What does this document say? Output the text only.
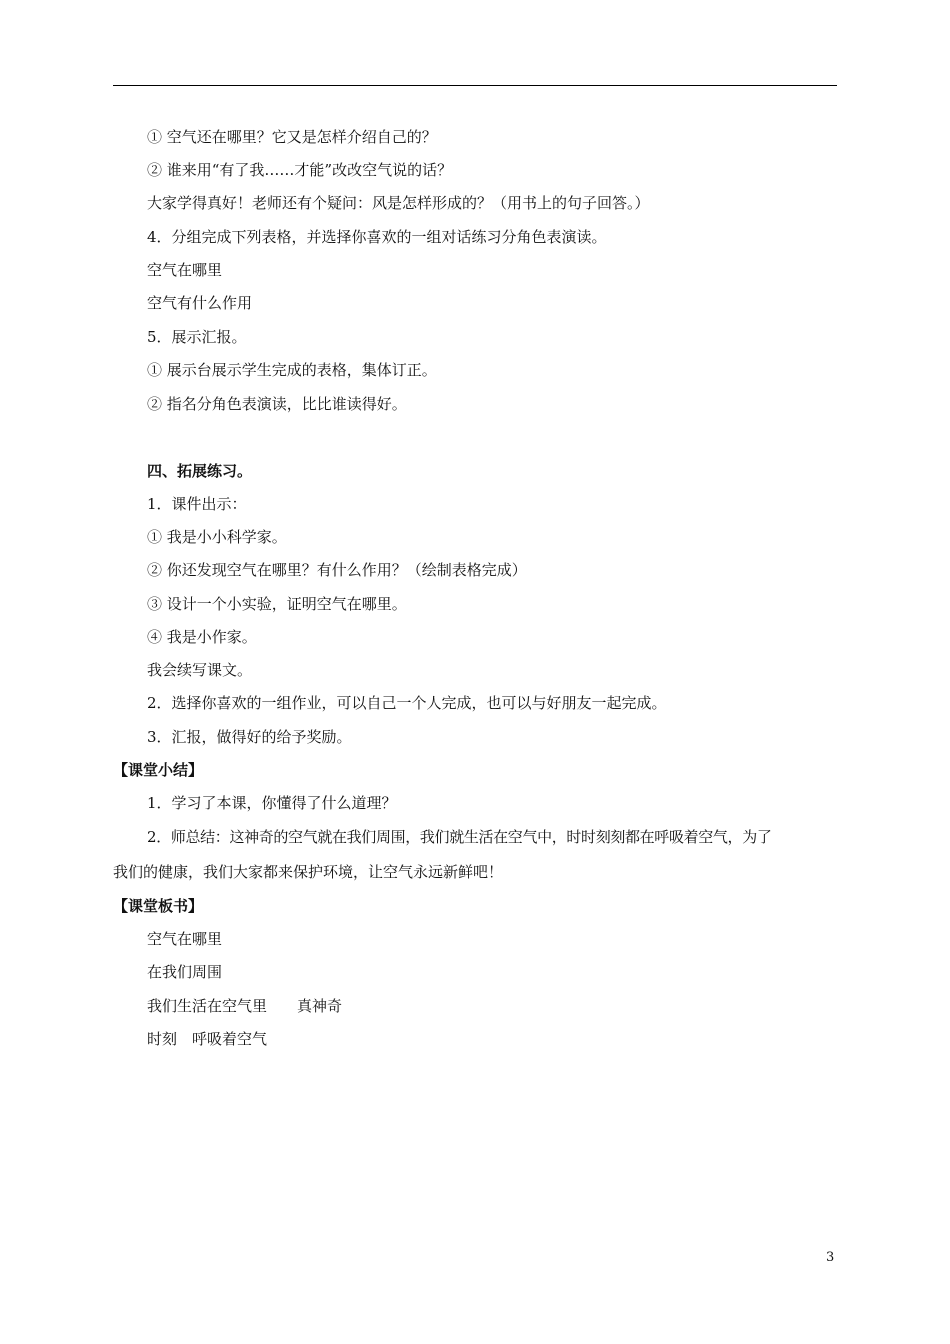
① 空气还在哪里？它又是怎样介绍自己的？
② 谁来用“有了我……才能”改改空气说的话？
大家学得真好！老师还有个疑问：风是怎样形成的？（用书上的句子回答。）
4．分组完成下列表格，并选择你喜欢的一组对话练习分角色表演读。
空气在哪里
空气有什么作用
5．展示汇报。
① 展示台展示学生完成的表格，集体订正。
② 指名分角色表演读，比比谁读得好。
四、拓展练习。
1．课件出示：
① 我是小小科学家。
② 你还发现空气在哪里？有什么作用？（绘制表格完成）
③ 设计一个小实验，证明空气在哪里。
④ 我是小作家。
我会续写课文。
2．选择你喜欢的一组作业，可以自己一个人完成，也可以与好朋友一起完成。
3．汇报，做得好的给予奖励。
【课堂小结】
1．学习了本课，你懂得了什么道理？
2．师总结：这神奇的空气就在我们周围，我们就生活在空气中，时时刻刻都在呼吸着空气，为了
我们的健康，我们大家都来保护环境，让空气永远新鲜吧！
【课堂板书】
空气在哪里
在我们周围
我们生活在空气里　　真神奇
时刻　呼吸着空气
3
